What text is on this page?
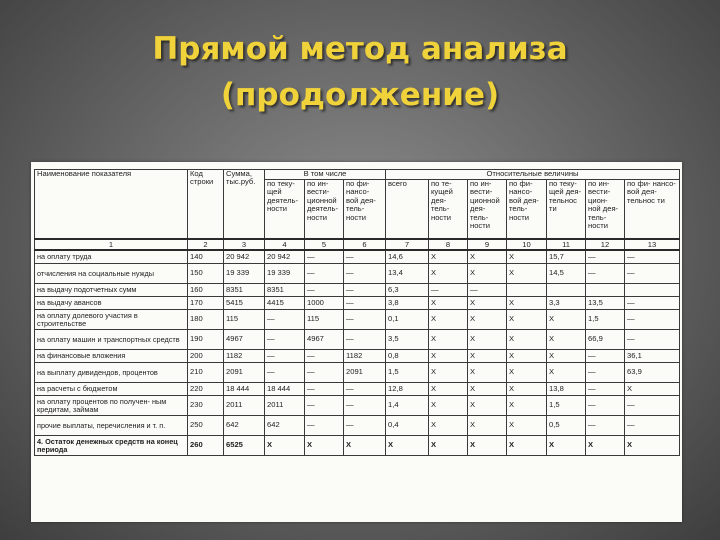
Прямой метод анализа
(продолжение)
Наименование показателя	Код строки	Сумма, тыс.руб.	В том числе			Относительные величины						
			по теку- щей деятель- ности	по ин- вести- ционной деятель- ности	по фи- нансо- вой дея- тель- ности	всего	по те- кущей дея- тель- ности	по ин- вести- ционной дея- тель- ности	по фи- нансо- вой дея- тель- ности	по теку- щей дея- тельнос ти	по ин- вести- цион- ной дея- тель- ности	по фи- нансо- вой дея- тельнос ти
1	2	3	4	5	6	7	8	9	10	11	12	13
на оплату труда	140	20 942	20 942	—	—	14,6	X	X	X	15,7	—	—
отчисления на социальные нужды	150	19 339	19 339	—	—	13,4	X	X	X	14,5	—	—
на выдачу подотчетных сумм	160	8351	8351	—	—	6,3	—	—				
на выдачу авансов	170	5415	4415	1000	—	3,8	X	X	X	3,3	13,5	—
на оплату долевого участия в строительстве	180	115	—	115	—	0,1	X	X	X	X	1,5	—
на оплату машин и транспортных средств	190	4967	—	4967	—	3,5	X	X	X	X	66,9	—
на финансовые вложения	200	1182	—	—	1182	0,8	X	X	X	X	—	36,1
на выплату дивидендов, процентов	210	2091	—	—	2091	1,5	X	X	X	X	—	63,9
на расчеты с бюджетом	220	18 444	18 444	—	—	12,8	X	X	X	13,8	—	X
на оплату процентов по получен- ным кредитам, займам	230	2011	2011	—	—	1,4	X	X	X	1,5	—	—
прочие выплаты, перечисления и т. п.	250	642	642	—	—	0,4	X	X	X	0,5	—	—
4. Остаток денежных средств на конец периода	260	6525	X	X	X	X	X	X	X	X	X	X
